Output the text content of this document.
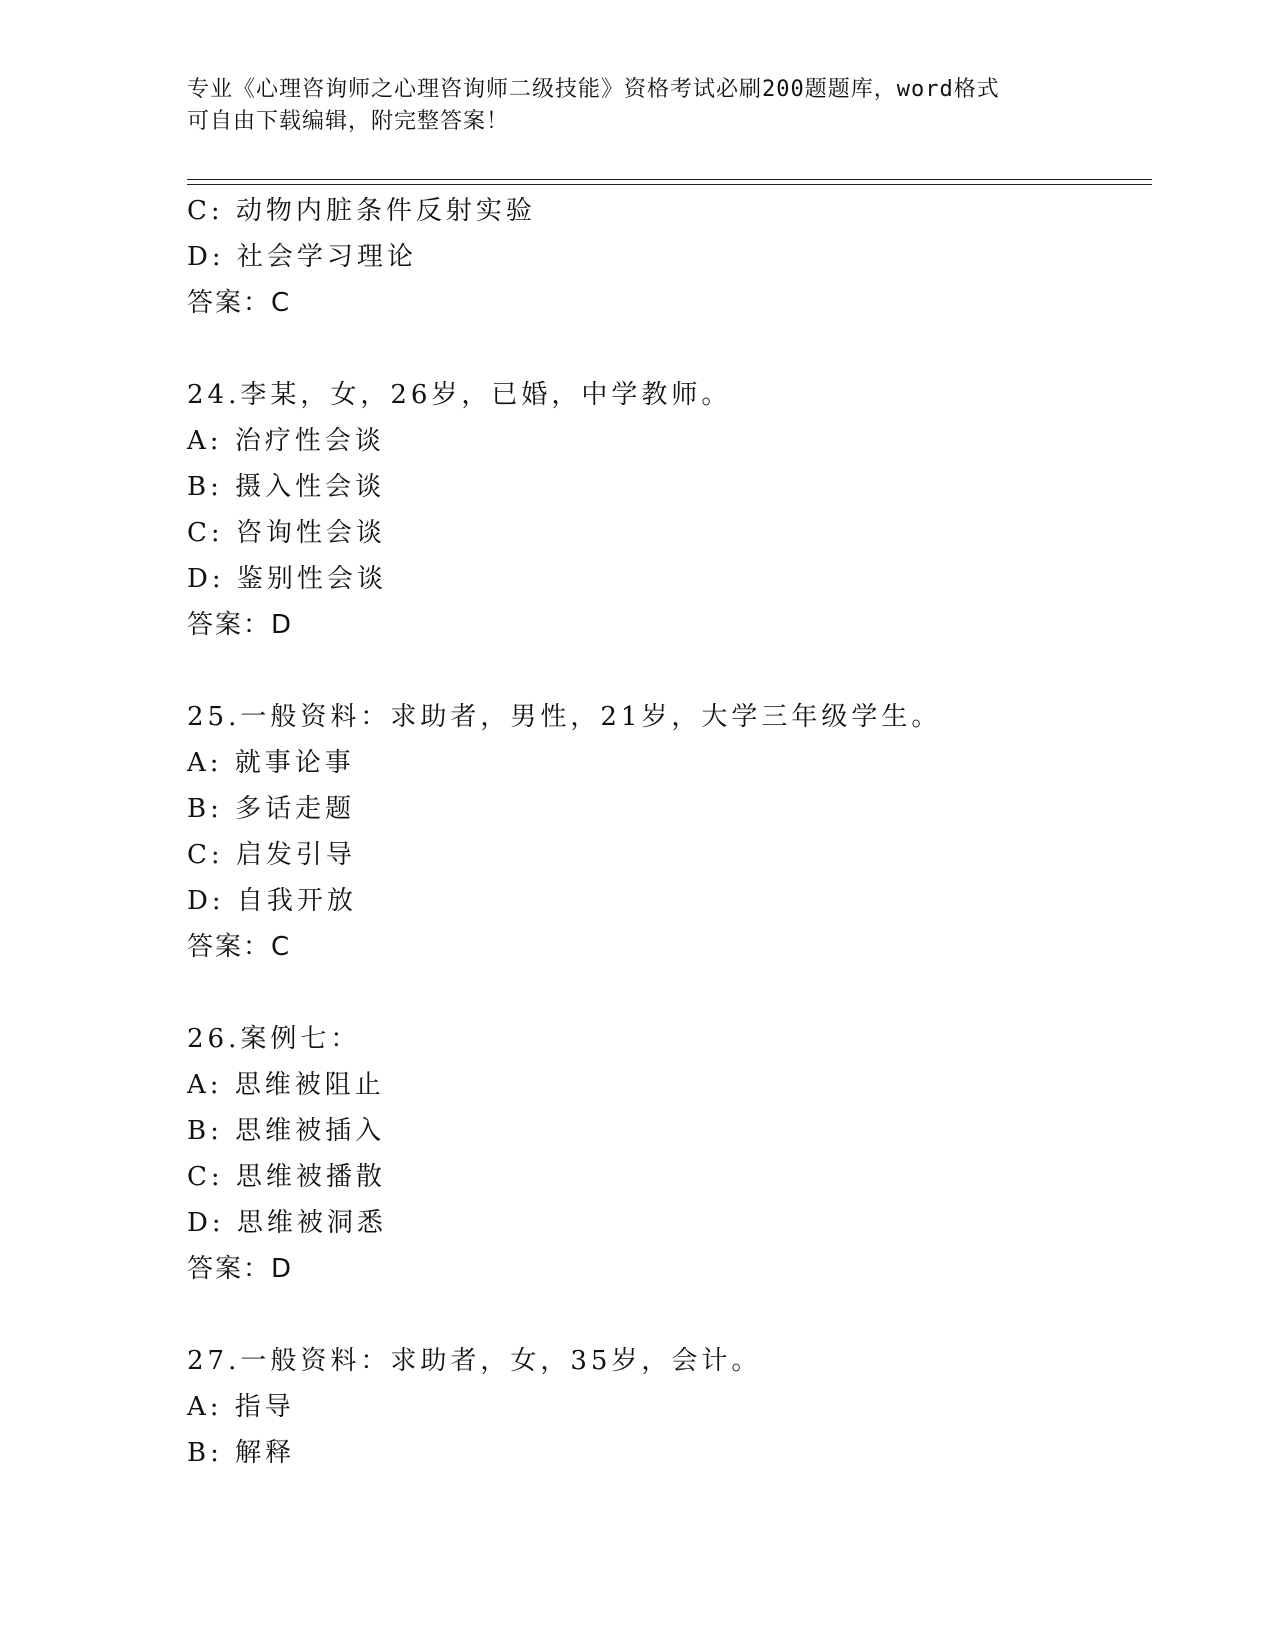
专业《心理咨询师之心理咨询师二级技能》资格考试必刷200题题库，word格式
可自由下载编辑，附完整答案！
C: 动物内脏条件反射实验
D: 社会学习理论
答案：C
24.李某，女，26岁，已婚，中学教师。
A: 治疗性会谈
B: 摄入性会谈
C: 咨询性会谈
D: 鉴别性会谈
答案：D
25.一般资料：求助者，男性，21岁，大学三年级学生。
A: 就事论事
B: 多话走题
C: 启发引导
D: 自我开放
答案：C
26.案例七：
A: 思维被阻止
B: 思维被插入
C: 思维被播散
D: 思维被洞悉
答案：D
27.一般资料：求助者，女，35岁，会计。
A: 指导
B: 解释
